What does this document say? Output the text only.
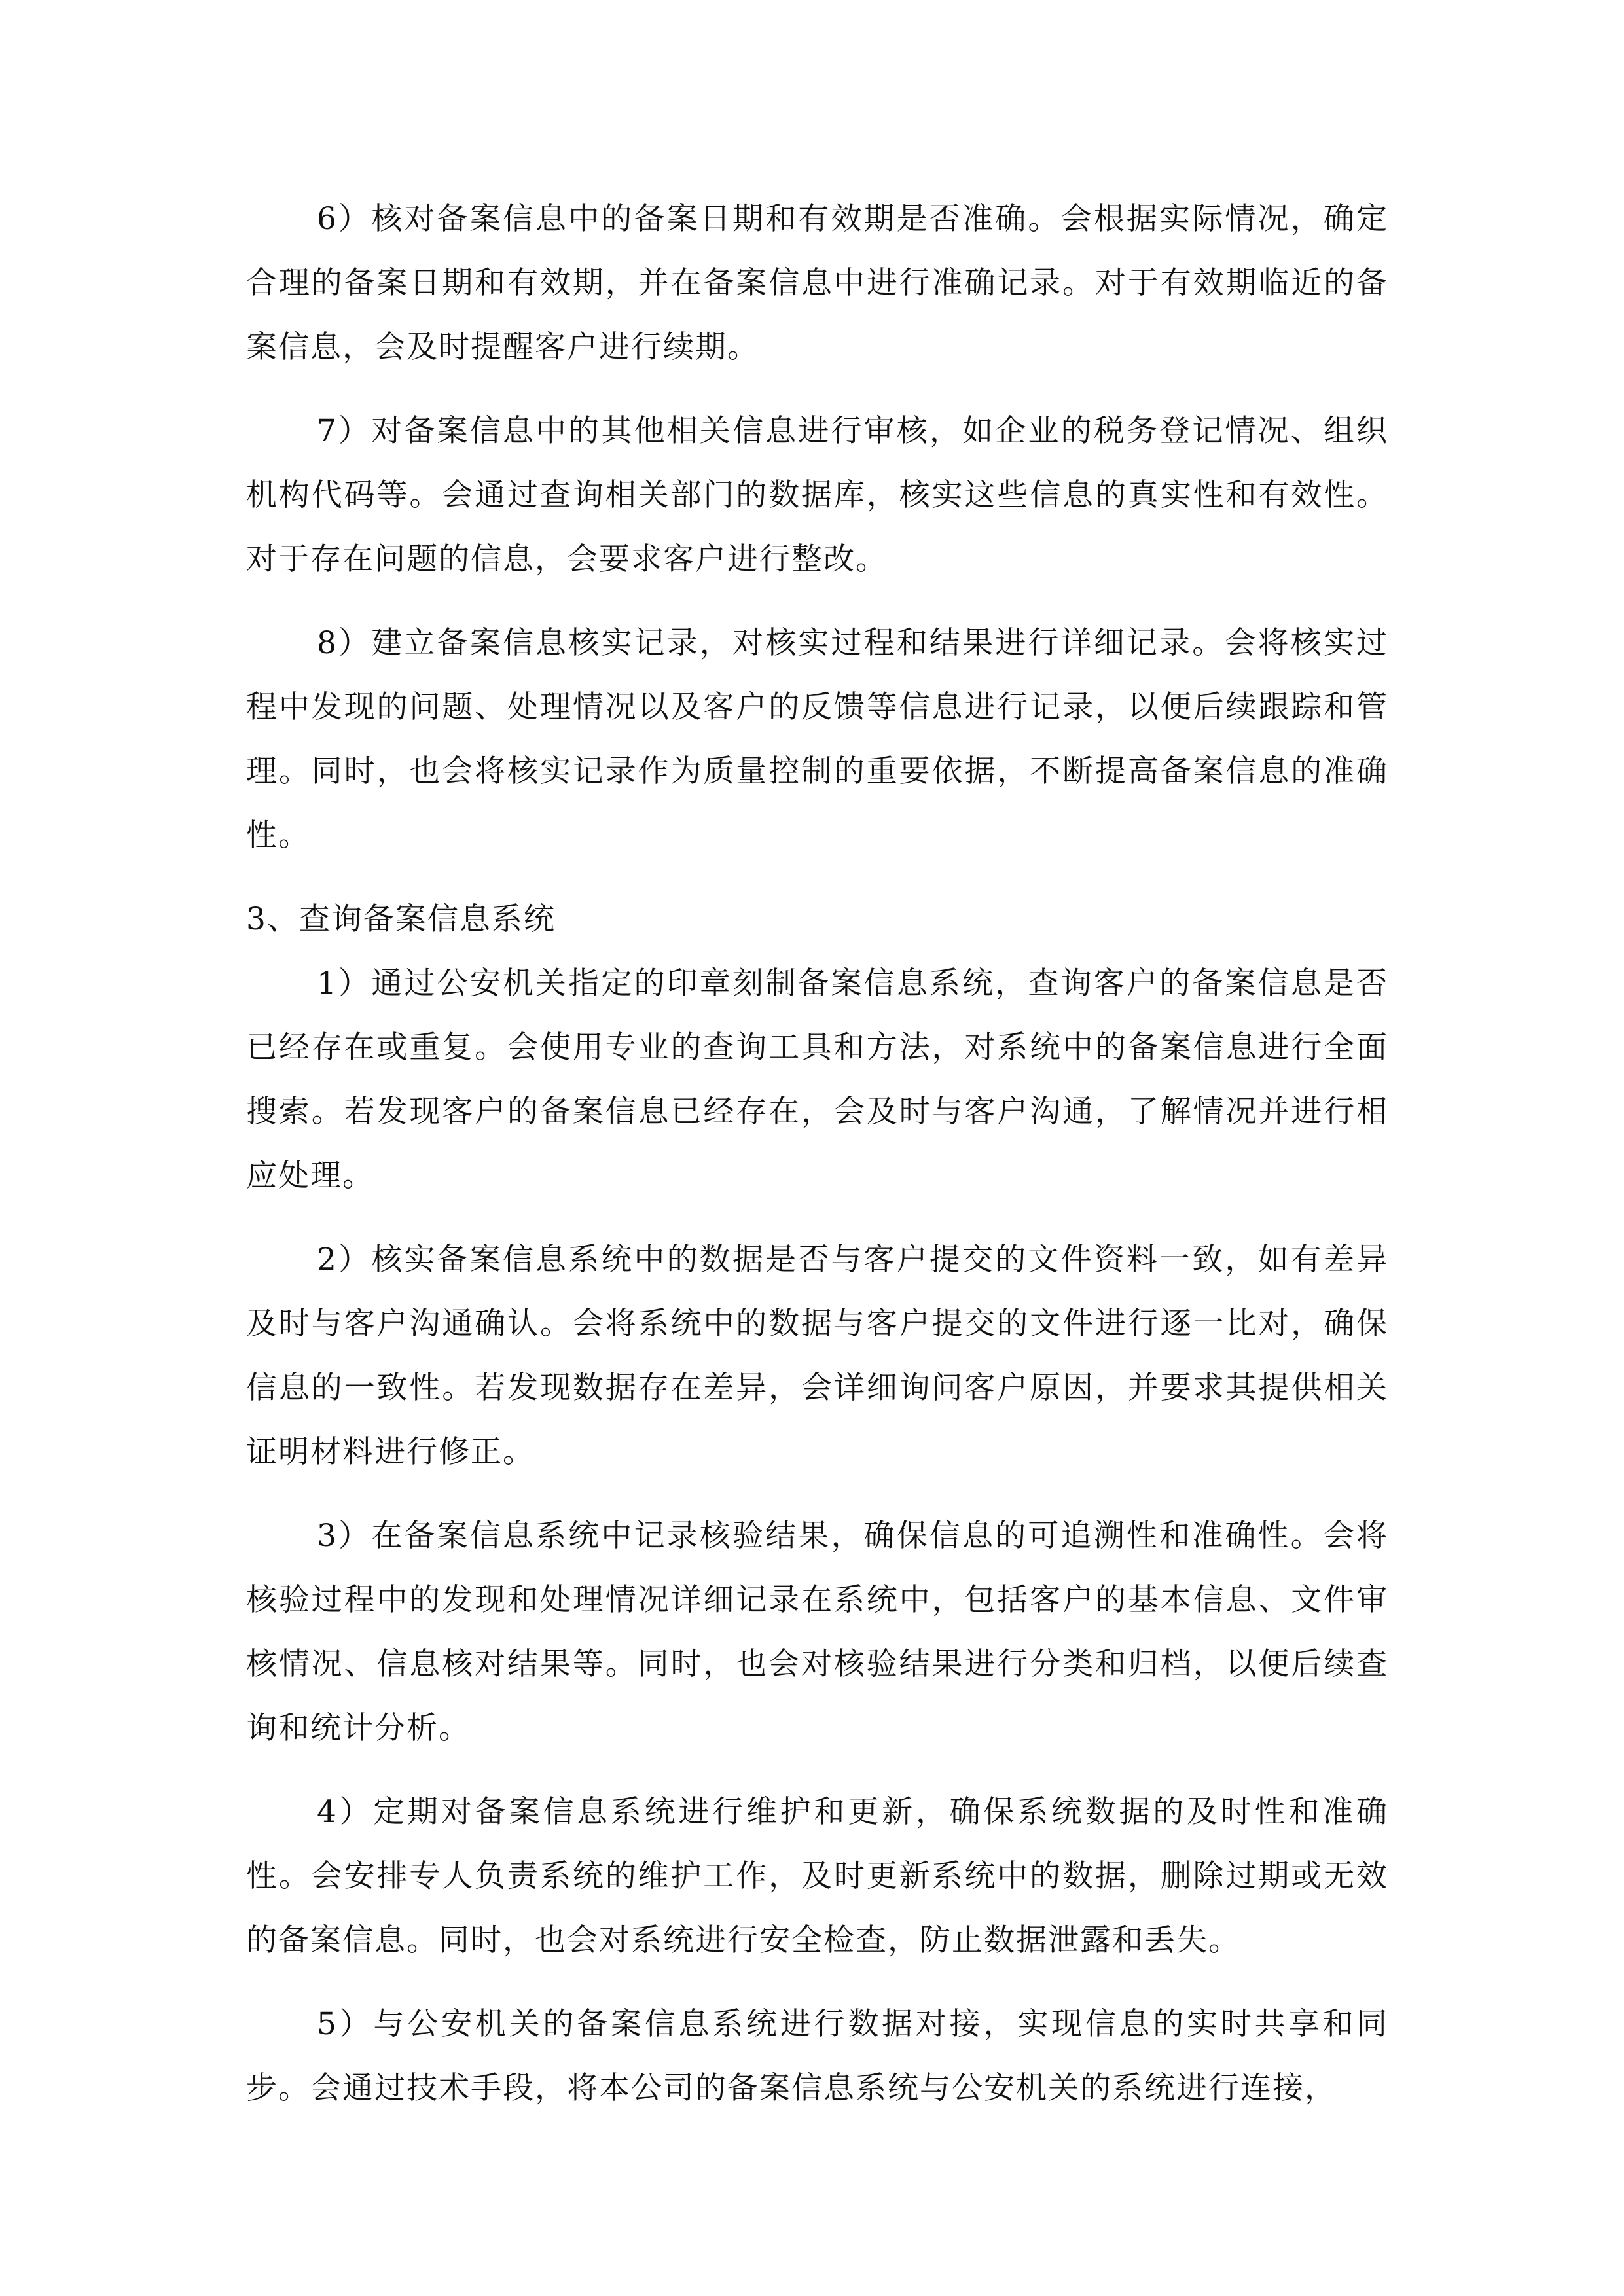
6）核对备案信息中的备案日期和有效期是否准确。会根据实际情况，确定合理的备案日期和有效期，并在备案信息中进行准确记录。对于有效期临近的备案信息，会及时提醒客户进行续期。

7）对备案信息中的其他相关信息进行审核，如企业的税务登记情况、组织机构代码等。会通过查询相关部门的数据库，核实这些信息的真实性和有效性。对于存在问题的信息，会要求客户进行整改。

8）建立备案信息核实记录，对核实过程和结果进行详细记录。会将核实过程中发现的问题、处理情况以及客户的反馈等信息进行记录，以便后续跟踪和管理。同时，也会将核实记录作为质量控制的重要依据，不断提高备案信息的准确性。

3、查询备案信息系统

1）通过公安机关指定的印章刻制备案信息系统，查询客户的备案信息是否已经存在或重复。会使用专业的查询工具和方法，对系统中的备案信息进行全面搜索。若发现客户的备案信息已经存在，会及时与客户沟通，了解情况并进行相应处理。

2）核实备案信息系统中的数据是否与客户提交的文件资料一致，如有差异及时与客户沟通确认。会将系统中的数据与客户提交的文件进行逐一比对，确保信息的一致性。若发现数据存在差异，会详细询问客户原因，并要求其提供相关证明材料进行修正。

3）在备案信息系统中记录核验结果，确保信息的可追溯性和准确性。会将核验过程中的发现和处理情况详细记录在系统中，包括客户的基本信息、文件审核情况、信息核对结果等。同时，也会对核验结果进行分类和归档，以便后续查询和统计分析。

4）定期对备案信息系统进行维护和更新，确保系统数据的及时性和准确性。会安排专人负责系统的维护工作，及时更新系统中的数据，删除过期或无效的备案信息。同时，也会对系统进行安全检查，防止数据泄露和丢失。

5）与公安机关的备案信息系统进行数据对接，实现信息的实时共享和同步。会通过技术手段，将本公司的备案信息系统与公安机关的系统进行连接，
